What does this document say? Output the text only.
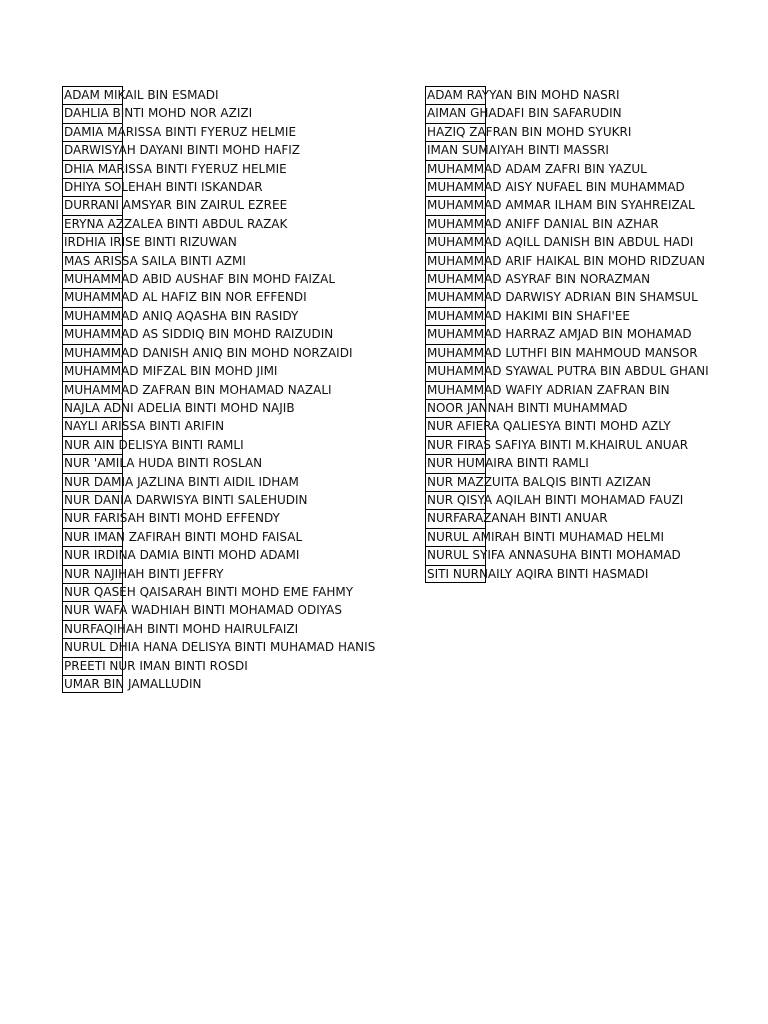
ADAM MIKAIL BIN ESMADI
DAHLIA BINTI MOHD NOR AZIZI
DAMIA MARISSA BINTI FYERUZ HELMIE
DARWISYAH DAYANI BINTI MOHD HAFIZ
DHIA MARISSA BINTI FYERUZ HELMIE
DHIYA SOLEHAH BINTI ISKANDAR
DURRANI AMSYAR BIN ZAIRUL EZREE
ERYNA AZZALEA BINTI ABDUL RAZAK
IRDHIA IRISE BINTI RIZUWAN
MAS ARISSA SAILA BINTI AZMI
MUHAMMAD ABID AUSHAF BIN MOHD FAIZAL
MUHAMMAD AL HAFIZ BIN NOR EFFENDI
MUHAMMAD ANIQ AQASHA BIN RASIDY
MUHAMMAD AS SIDDIQ BIN MOHD RAIZUDIN
MUHAMMAD DANISH ANIQ BIN MOHD NORZAIDI
MUHAMMAD MIFZAL BIN MOHD JIMI
MUHAMMAD ZAFRAN BIN MOHAMAD NAZALI
NAJLA ADNI ADELIA BINTI MOHD NAJIB
NAYLI ARISSA BINTI ARIFIN
NUR AIN DELISYA BINTI RAMLI
NUR 'AMILA HUDA BINTI ROSLAN
NUR DAMIA JAZLINA BINTI AIDIL IDHAM
NUR DANIA DARWISYA BINTI SALEHUDIN
NUR FARISAH BINTI MOHD EFFENDY
NUR IMAN ZAFIRAH BINTI MOHD FAISAL
NUR IRDINA DAMIA BINTI MOHD ADAMI
NUR NAJIHAH BINTI JEFFRY
NUR QASEH QAISARAH BINTI MOHD EME FAHMY
NUR WAFA WADHIAH BINTI MOHAMAD ODIYAS
NURFAQIHAH BINTI MOHD HAIRULFAIZI
NURUL DHIA HANA DELISYA BINTI MUHAMAD HANIS
PREETI NUR IMAN BINTI ROSDI
UMAR BIN JAMALLUDIN
ADAM RAYYAN BIN MOHD NASRI
AIMAN GHADAFI BIN SAFARUDIN
HAZIQ ZAFRAN BIN MOHD SYUKRI
IMAN SUMAIYAH BINTI MASSRI
MUHAMMAD ADAM ZAFRI BIN YAZUL
MUHAMMAD AISY NUFAEL BIN MUHAMMAD
MUHAMMAD AMMAR ILHAM BIN SYAHREIZAL
MUHAMMAD ANIFF DANIAL BIN AZHAR
MUHAMMAD AQILL DANISH BIN ABDUL HADI
MUHAMMAD ARIF HAIKAL BIN MOHD RIDZUAN
MUHAMMAD ASYRAF BIN NORAZMAN
MUHAMMAD DARWISY ADRIAN BIN SHAMSUL
MUHAMMAD HAKIMI BIN SHAFI'EE
MUHAMMAD HARRAZ AMJAD BIN MOHAMAD
MUHAMMAD LUTHFI BIN MAHMOUD MANSOR
MUHAMMAD SYAWAL PUTRA BIN ABDUL GHANI
MUHAMMAD WAFIY ADRIAN ZAFRAN BIN
NOOR JANNAH BINTI MUHAMMAD
NUR AFIERA QALIESYA BINTI MOHD AZLY
NUR FIRAS SAFIYA BINTI M.KHAIRUL ANUAR
NUR HUMAIRA BINTI RAMLI
NUR MAZZUITA BALQIS BINTI AZIZAN
NUR QISYA AQILAH BINTI MOHAMAD FAUZI
NURFARAZANAH BINTI ANUAR
NURUL AMIRAH BINTI MUHAMAD HELMI
NURUL SYIFA ANNASUHA BINTI MOHAMAD
SITI NURNAILY AQIRA BINTI HASMADI
